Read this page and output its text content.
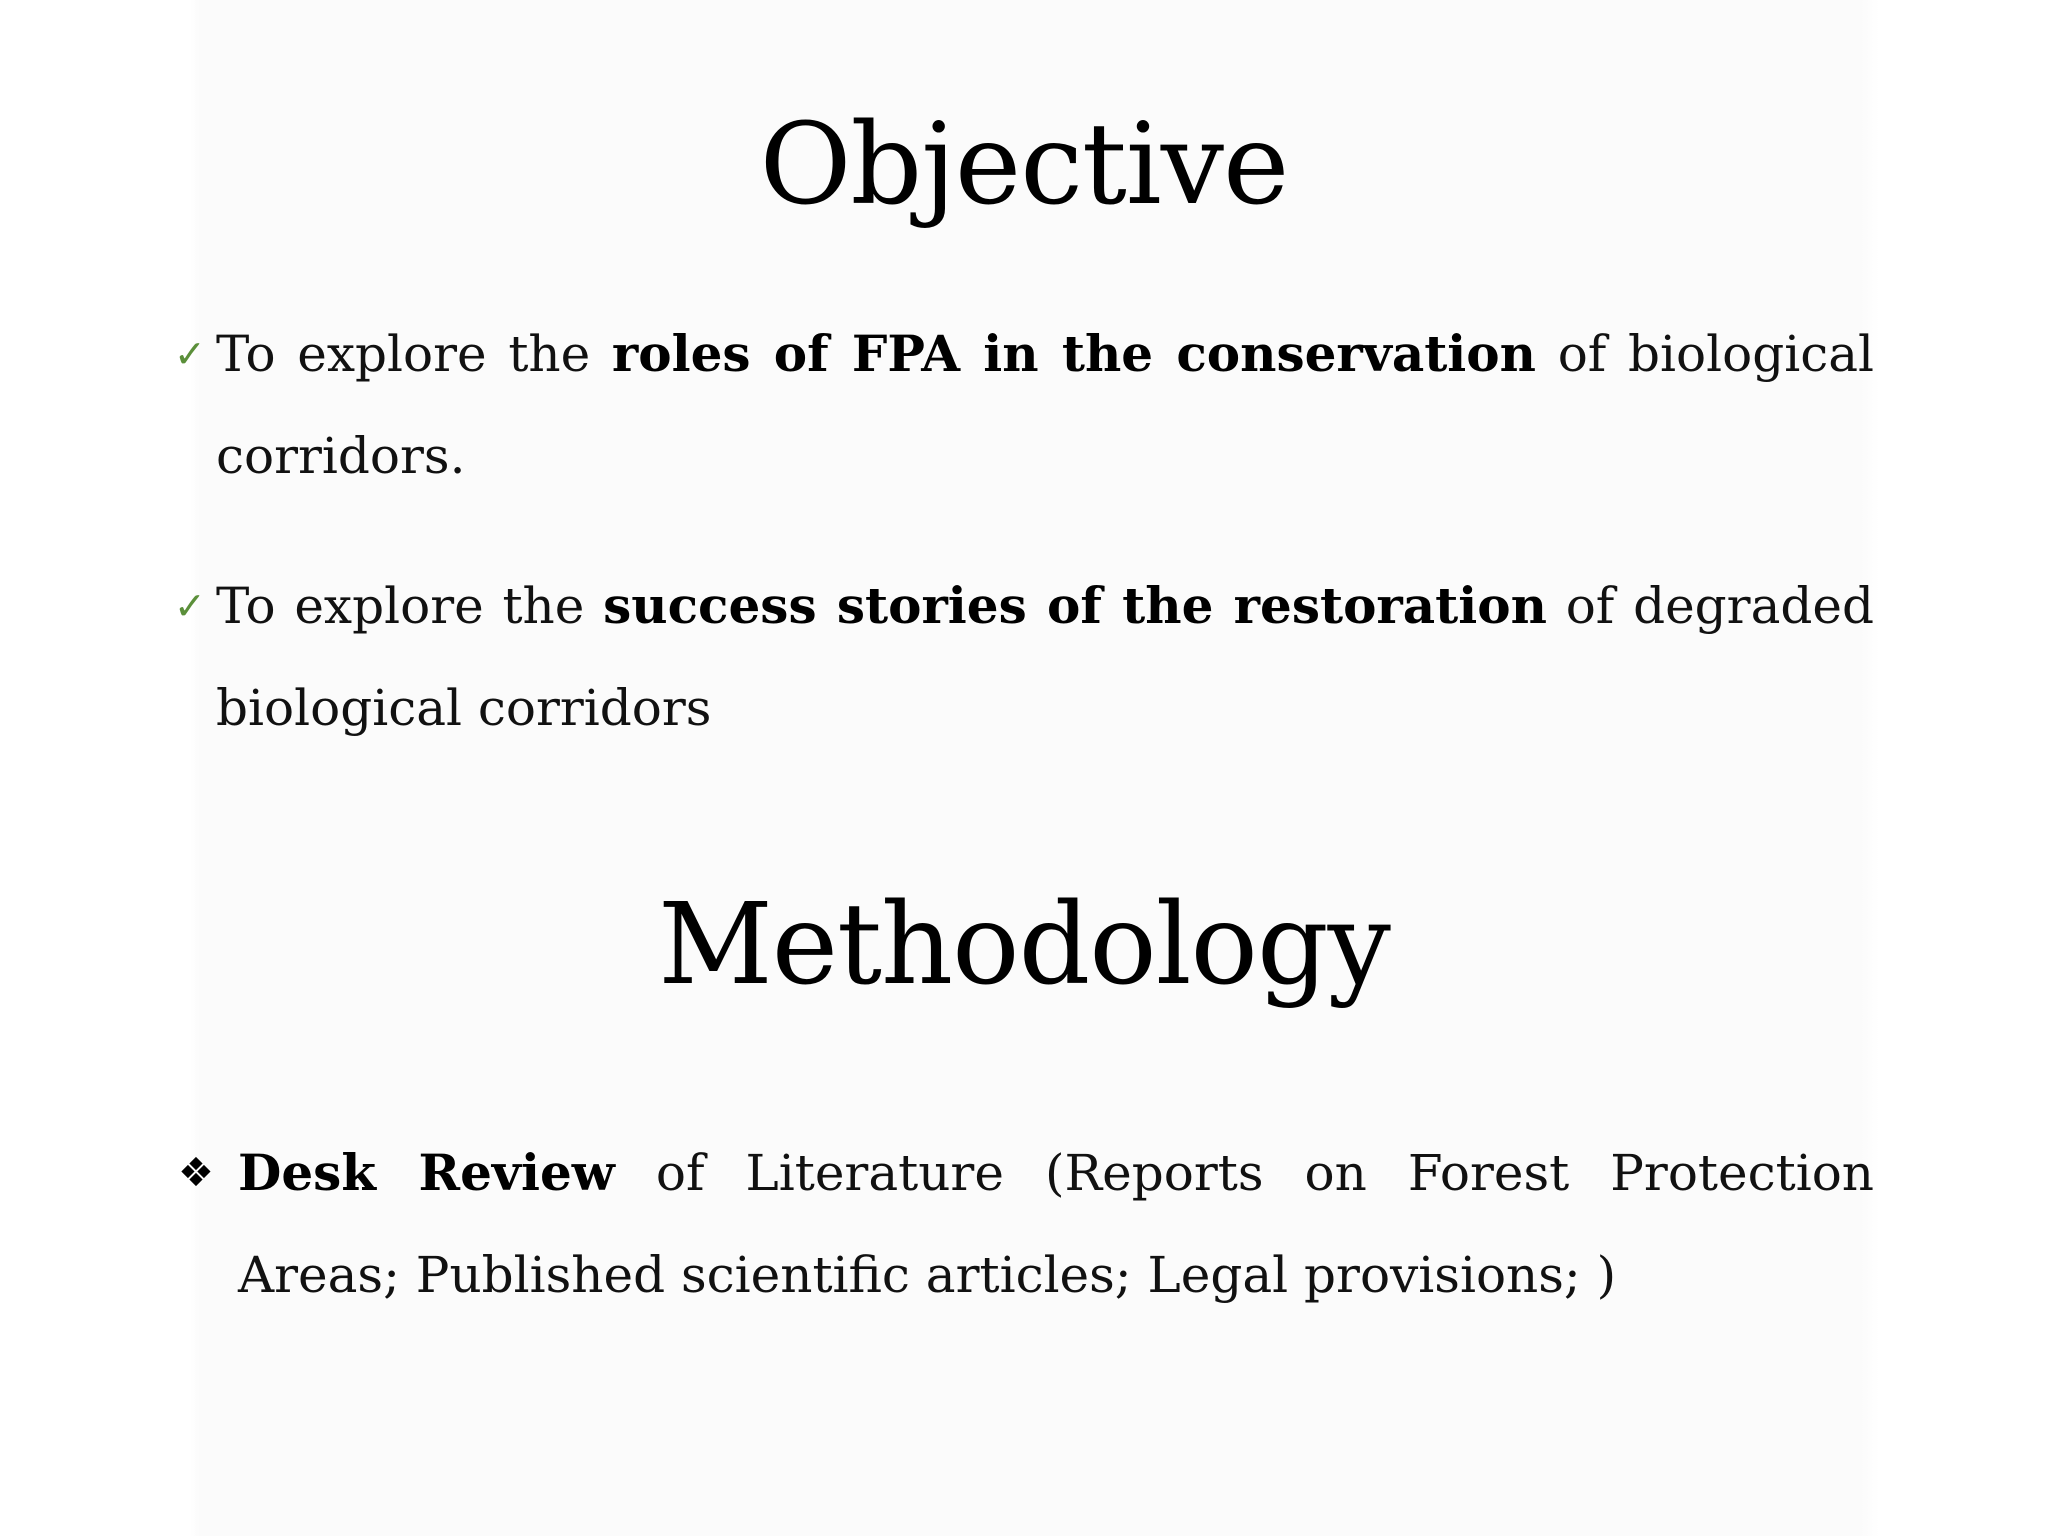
Objective
✓ To explore the roles of FPA in the conservation of biological corridors.
✓ To explore the success stories of the restoration of degraded biological corridors
Methodology
❖ Desk Review of Literature (Reports on Forest Protection Areas; Published scientific articles; Legal provisions; )
